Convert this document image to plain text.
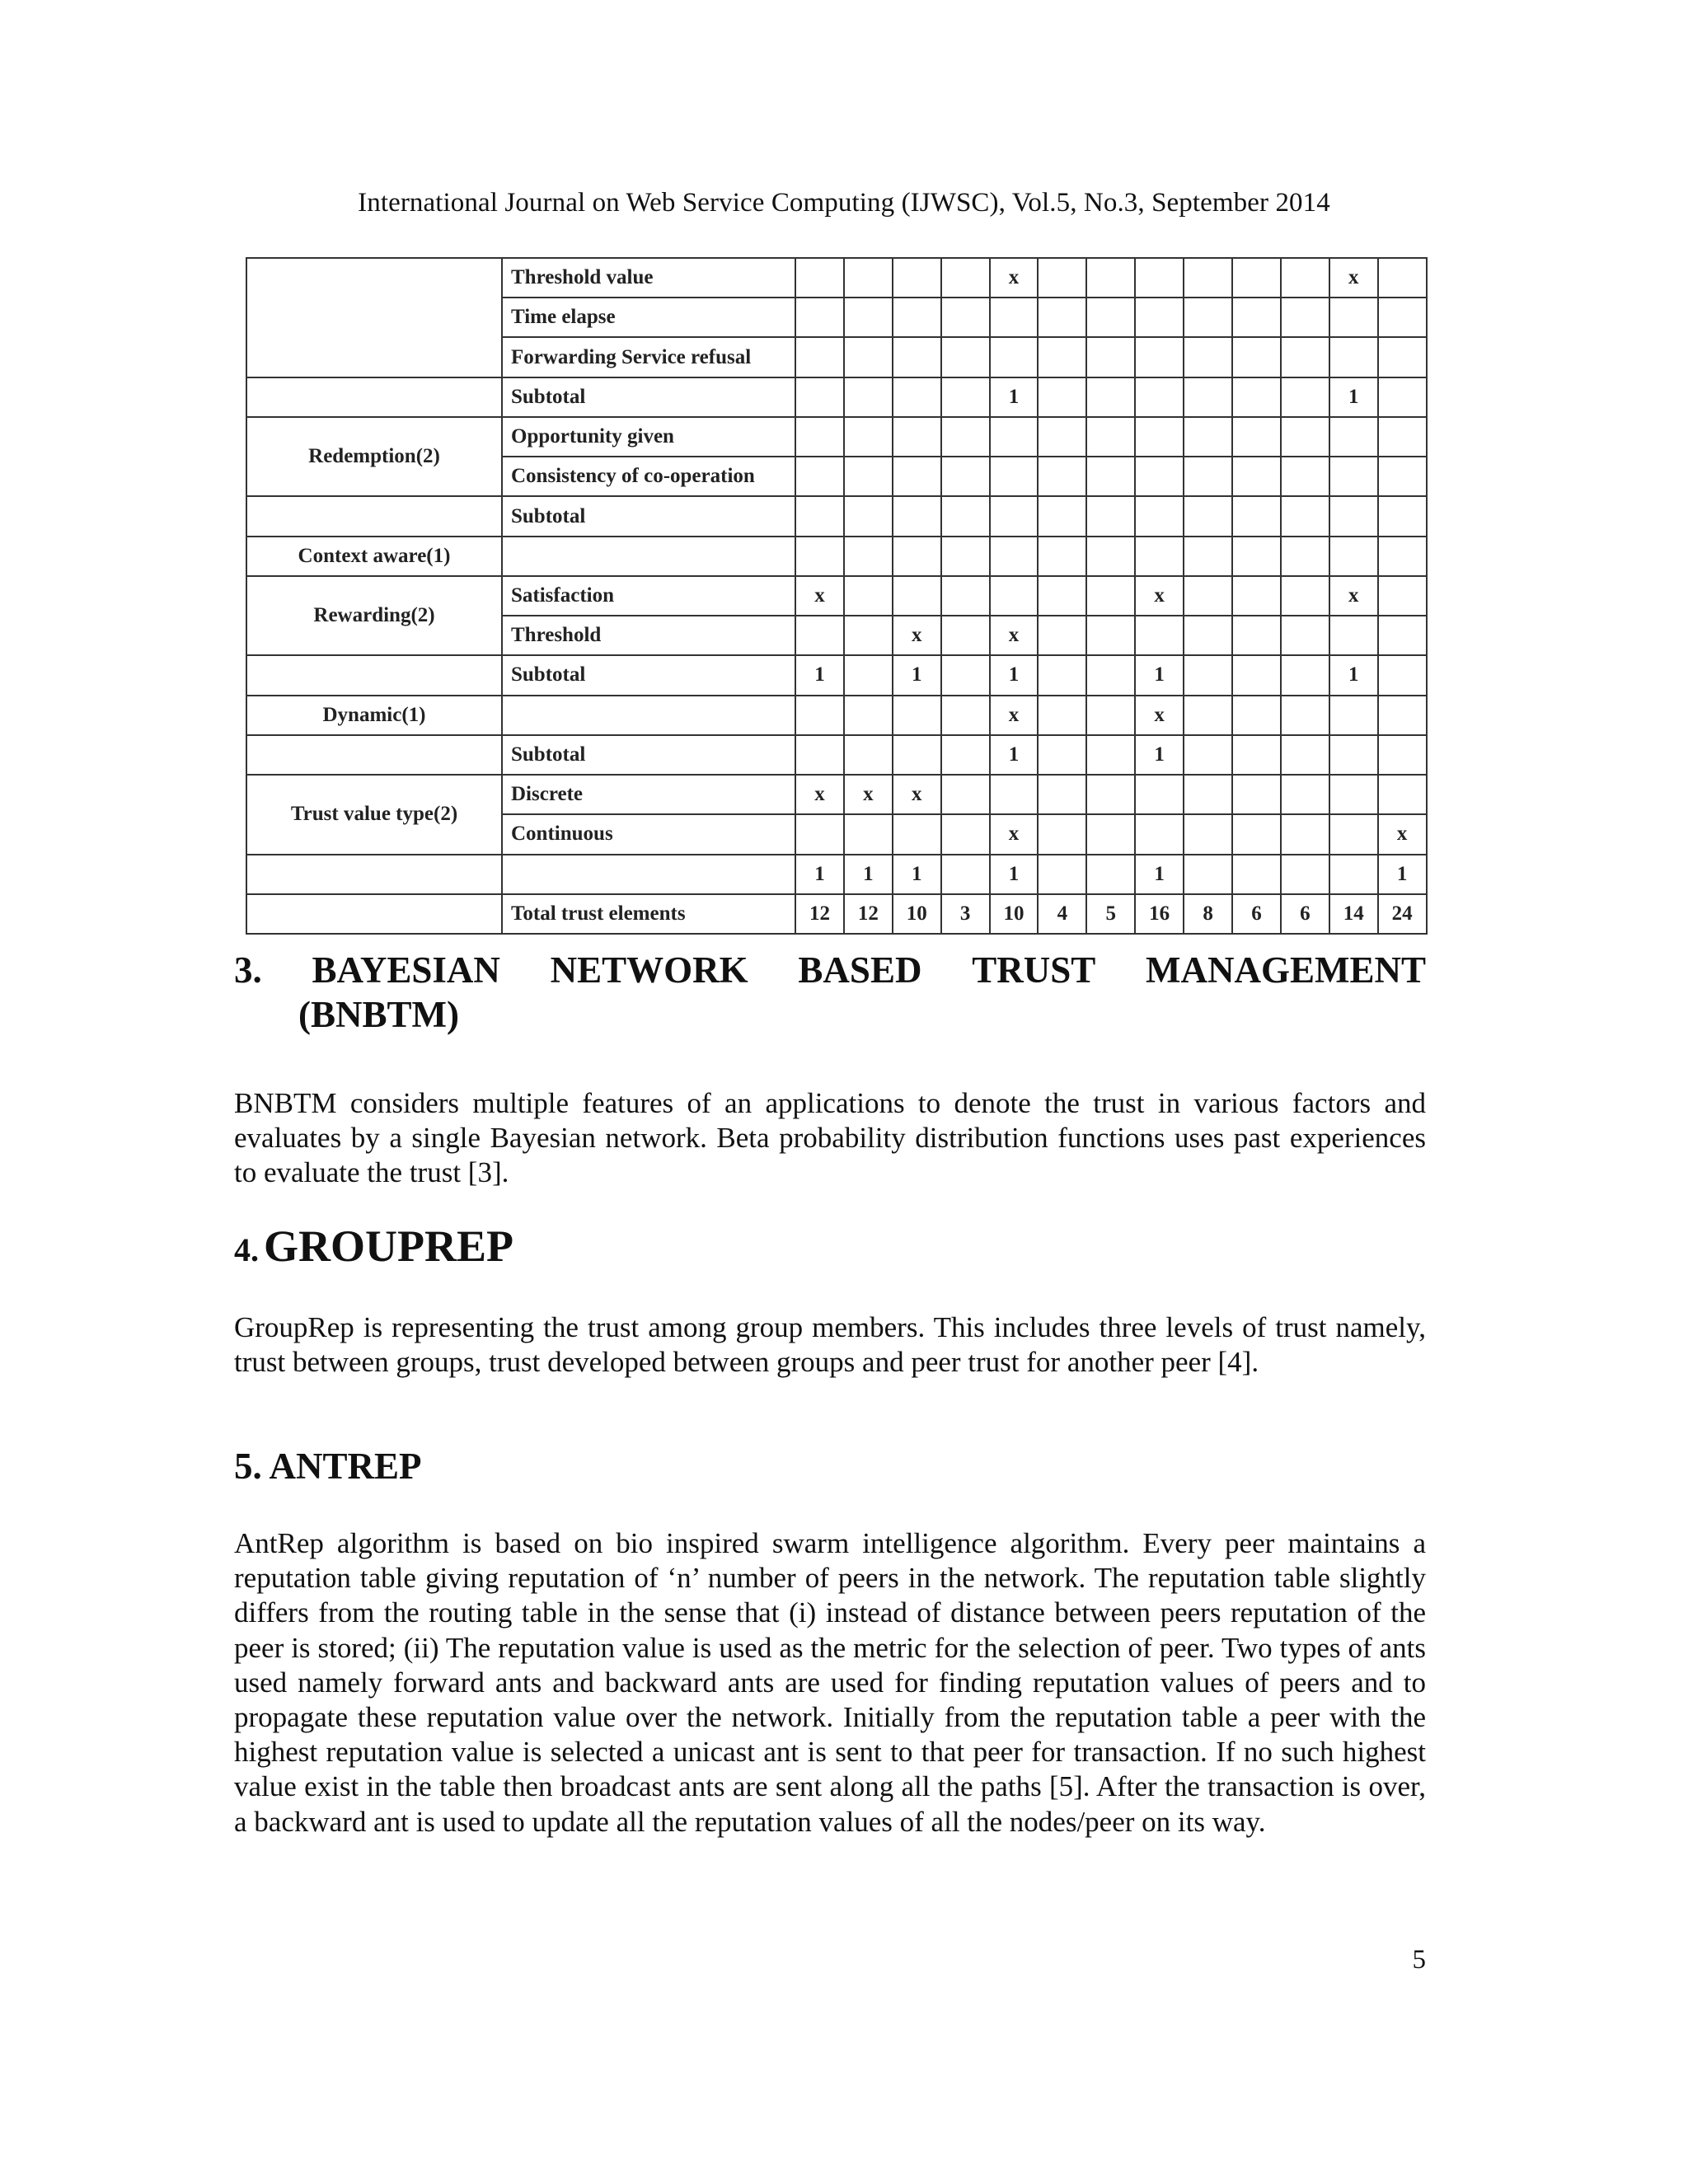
International Journal on Web Service Computing (IJWSC), Vol.5, No.3, September 2014
	Threshold value					x							x	
	Time elapse													
	Forwarding Service refusal													
	Subtotal					1							1	
Redemption(2)	Opportunity given													
	Consistency of co-operation													
	Subtotal													
Context aware(1)														
Rewarding(2)	Satisfaction	x							x				x	
	Threshold			x		x								
	Subtotal	1		1		1			1				1	
Dynamic(1)						x			x					
	Subtotal					1			1					
Trust value type(2)	Discrete	x	x	x										
	Continuous					x								x
		1	1	1		1			1					1
	Total trust elements	12	12	10	3	10	4	5	16	8	6	6	14	24
3. BAYESIAN NETWORK BASED TRUST MANAGEMENT
(BNBTM)
BNBTM considers multiple features of an applications to denote the trust in various factors and evaluates by a single Bayesian network. Beta probability distribution functions uses past experiences to evaluate the trust [3].
4. GROUPREP
GroupRep is representing the trust among group members. This includes three levels of trust namely, trust between groups, trust developed between groups and peer trust for another peer [4].
5. ANTREP
AntRep algorithm is based on bio inspired swarm intelligence algorithm. Every peer maintains a reputation table giving reputation of ‘n’ number of peers in the network. The reputation table slightly differs from the routing table in the sense that (i) instead of distance between peers reputation of the peer is stored; (ii) The reputation value is used as the metric for the selection of peer. Two types of ants used namely forward ants and backward ants are used for finding reputation values of peers and to propagate these reputation value over the network. Initially from the reputation table a peer with the highest reputation value is selected a unicast ant is sent to that peer for transaction. If no such highest value exist in the table then broadcast ants are sent along all the paths [5]. After the transaction is over, a backward ant is used to update all the reputation values of all the nodes/peer on its way.
5
